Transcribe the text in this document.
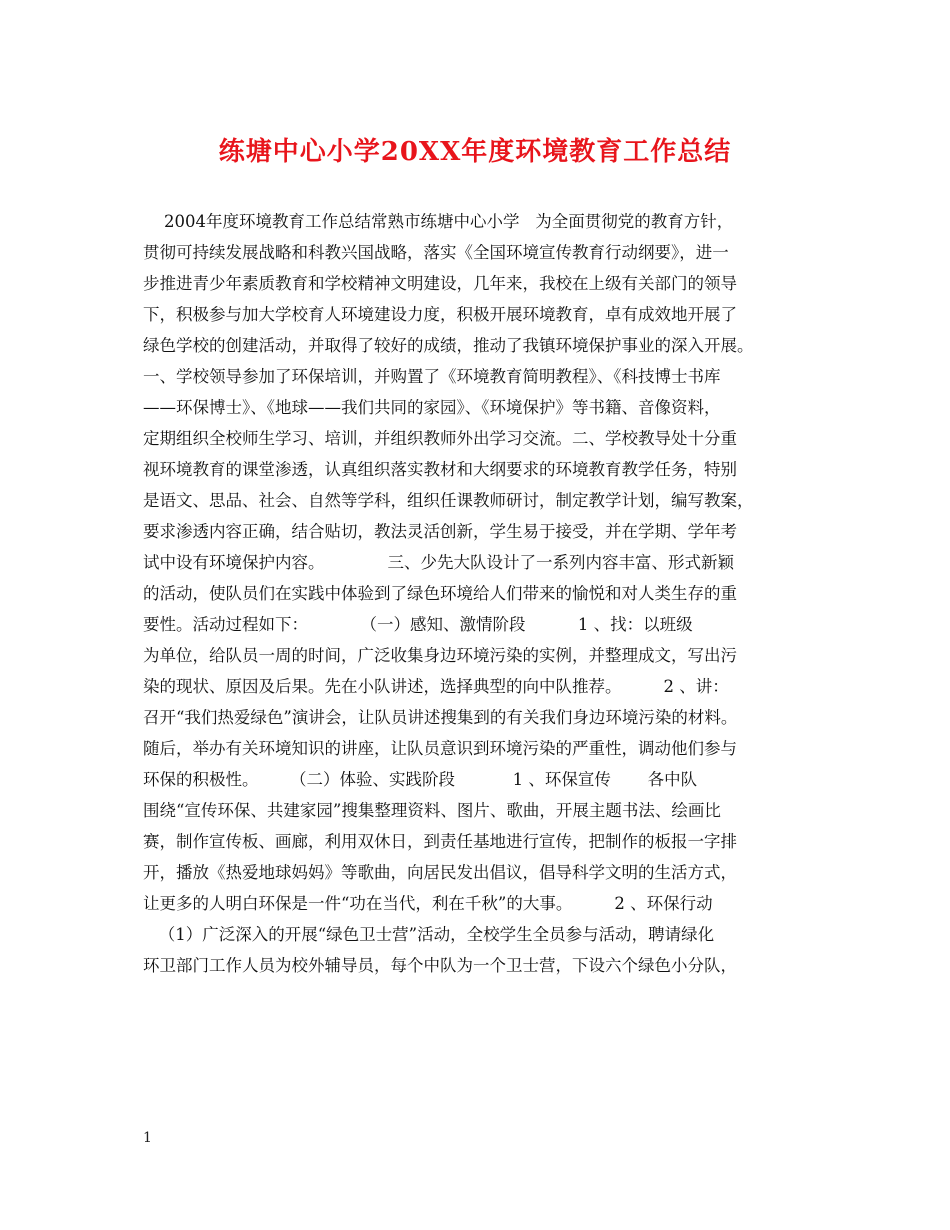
练塘中心小学20XX年度环境教育工作总结
2004年度环境教育工作总结常熟市练塘中心小学   为全面贯彻党的教育方针，
贯彻可持续发展战略和科教兴国战略，落实《全国环境宣传教育行动纲要》，进一
步推进青少年素质教育和学校精神文明建设，几年来，我校在上级有关部门的领导
下，积极参与加大学校育人环境建设力度，积极开展环境教育，卓有成效地开展了
绿色学校的创建活动，并取得了较好的成绩，推动了我镇环境保护事业的深入开展。
一、学校领导参加了环保培训，并购置了《环境教育简明教程》、《科技博士书库
——环保博士》、《地球——我们共同的家园》、《环境保护》等书籍、音像资料，
定期组织全校师生学习、培训，并组织教师外出学习交流。二、学校教导处十分重
视环境教育的课堂渗透，认真组织落实教材和大纲要求的环境教育教学任务，特别
是语文、思品、社会、自然等学科，组织任课教师研讨，制定教学计划，编写教案，
要求渗透内容正确，结合贴切，教法灵活创新，学生易于接受，并在学期、学年考
试中设有环境保护内容。            三、少先大队设计了一系列内容丰富、形式新颖
的活动，使队员们在实践中体验到了绿色环境给人们带来的愉悦和对人类生存的重
要性。活动过程如下：          （一）感知、激情阶段          1 、找：以班级
为单位，给队员一周的时间，广泛收集身边环境污染的实例，并整理成文，写出污
染的现状、原因及后果。先在小队讲述，选择典型的向中队推荐。        2 、讲：
召开“我们热爱绿色”演讲会，让队员讲述搜集到的有关我们身边环境污染的材料。
随后，举办有关环境知识的讲座，让队员意识到环境污染的严重性，调动他们参与
环保的积极性。      （二）体验、实践阶段           1 、环保宣传       各中队
围绕“宣传环保、共建家园”搜集整理资料、图片、歌曲，开展主题书法、绘画比
赛，制作宣传板、画廊，利用双休日，到责任基地进行宣传，把制作的板报一字排
开，播放《热爱地球妈妈》等歌曲，向居民发出倡议，倡导科学文明的生活方式，
让更多的人明白环保是一件“功在当代，利在千秋”的大事。        2 、环保行动
（1）广泛深入的开展“绿色卫士营”活动，全校学生全员参与活动，聘请绿化
环卫部门工作人员为校外辅导员，每个中队为一个卫士营，下设六个绿色小分队，
1
